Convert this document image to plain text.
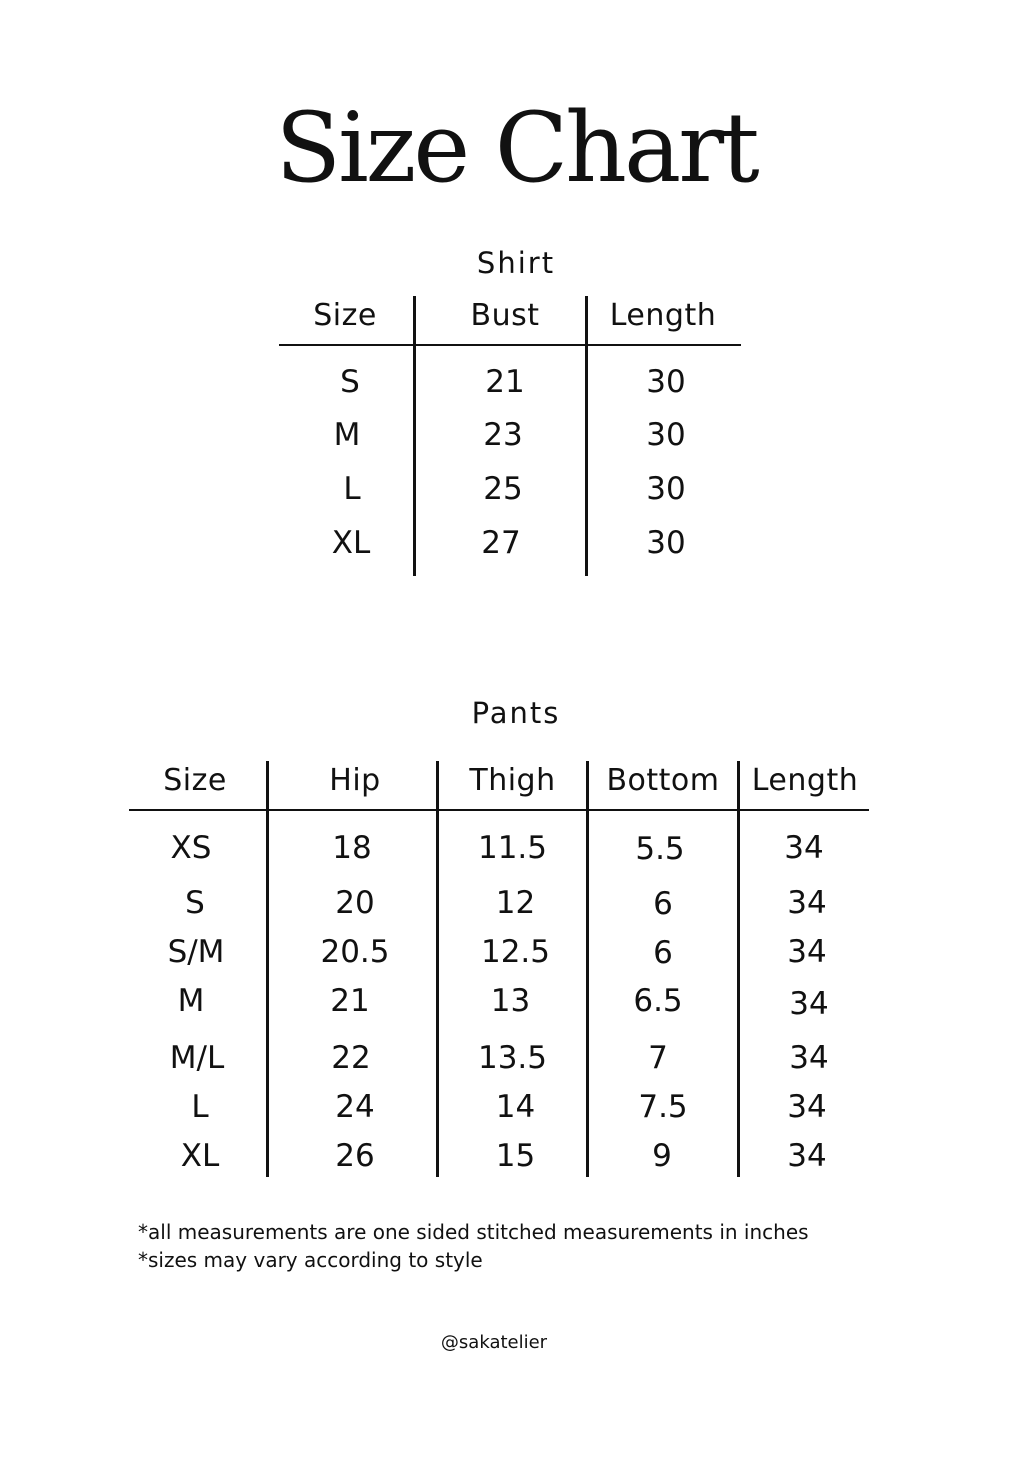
Size Chart
Shirt
Size	Bust	Length
S	21	30
M	23	30
L	25	30
XL	27	30
Pants
Size	Hip	Thigh	Bottom	Length
XS	18	11.5	5.5	34
S	20	12	6	34
S/M	20.5	12.5	6	34
M	21	13	6.5	34
M/L	22	13.5	7	34
L	24	14	7.5	34
XL	26	15	9	34
*all measurements are one sided stitched measurements in inches
*sizes may vary according to style
@sakatelier
